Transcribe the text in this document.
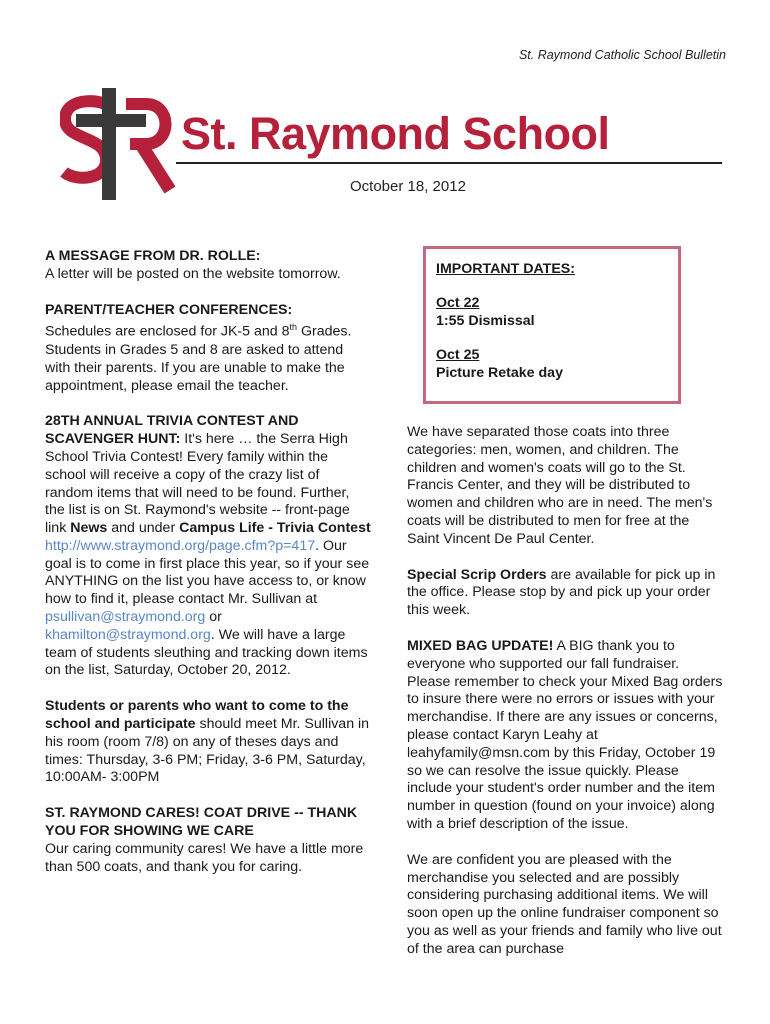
St. Raymond Catholic School Bulletin
St. Raymond School
October 18, 2012

A MESSAGE FROM DR. ROLLE:
A letter will be posted on the website tomorrow.

PARENT/TEACHER CONFERENCES:
Schedules are enclosed for JK-5 and 8th Grades. Students in Grades 5 and 8 are asked to attend with their parents. If you are unable to make the appointment, please email the teacher.

28TH ANNUAL TRIVIA CONTEST AND SCAVENGER HUNT: It's here … the Serra High School Trivia Contest! Every family within the school will receive a copy of the crazy list of random items that will need to be found. Further, the list is on St. Raymond's website -- front-page link News and under Campus Life - Trivia Contest
http://www.straymond.org/page.cfm?p=417. Our goal is to come in first place this year, so if your see ANYTHING on the list you have access to, or know how to find it, please contact Mr. Sullivan at psullivan@straymond.org or khamilton@straymond.org. We will have a large team of students sleuthing and tracking down items on the list, Saturday, October 20, 2012.

Students or parents who want to come to the school and participate should meet Mr. Sullivan in his room (room 7/8) on any of theses days and times: Thursday, 3-6 PM; Friday, 3-6 PM, Saturday, 10:00AM- 3:00PM

ST. RAYMOND CARES! COAT DRIVE -- THANK YOU FOR SHOWING WE CARE
Our caring community cares! We have a little more than 500 coats, and thank you for caring.

IMPORTANT DATES:
Oct 22
1:55 Dismissal
Oct 25
Picture Retake day

We have separated those coats into three categories: men, women, and children. The children and women's coats will go to the St. Francis Center, and they will be distributed to women and children who are in need. The men's coats will be distributed to men for free at the Saint Vincent De Paul Center.

Special Scrip Orders are available for pick up in the office. Please stop by and pick up your order this week.

MIXED BAG UPDATE! A BIG thank you to everyone who supported our fall fundraiser. Please remember to check your Mixed Bag orders to insure there were no errors or issues with your merchandise. If there are any issues or concerns, please contact Karyn Leahy at leahyfamily@msn.com by this Friday, October 19 so we can resolve the issue quickly. Please include your student's order number and the item number in question (found on your invoice) along with a brief description of the issue.

We are confident you are pleased with the merchandise you selected and are possibly considering purchasing additional items. We will soon open up the online fundraiser component so you as well as your friends and family who live out of the area can purchase
